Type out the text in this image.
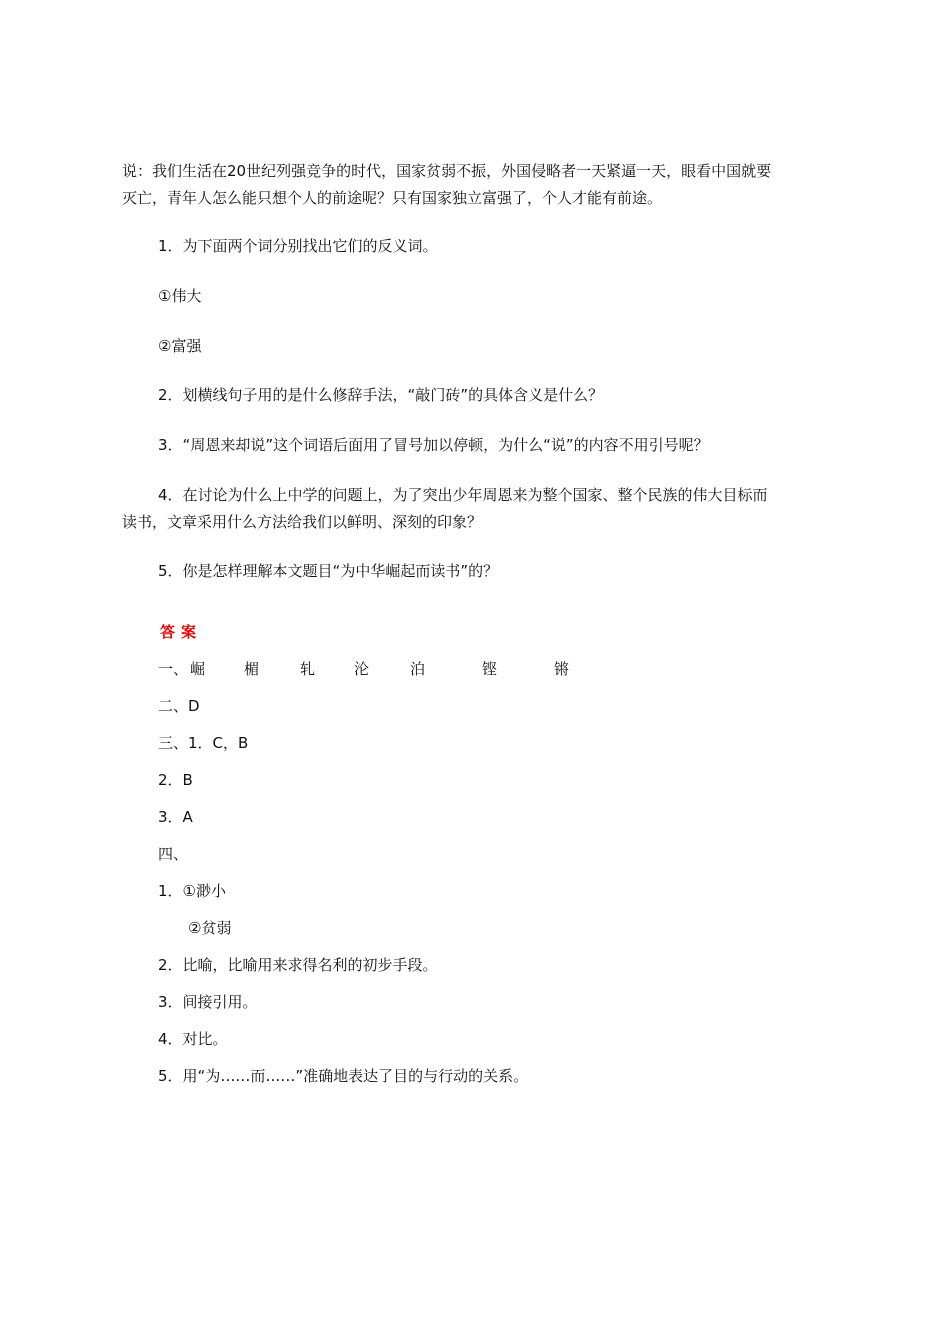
说：我们生活在20世纪列强竞争的时代，国家贫弱不振，外国侵略者一天紧逼一天，眼看中国就要
灭亡，青年人怎么能只想个人的前途呢？只有国家独立富强了，个人才能有前途。
1．为下面两个词分别找出它们的反义词。
①伟大
②富强
2．划横线句子用的是什么修辞手法，“敲门砖”的具体含义是什么？
3．“周恩来却说”这个词语后面用了冒号加以停顿，为什么“说”的内容不用引号呢？
4．在讨论为什么上中学的问题上，为了突出少年周恩来为整个国家、整个民族的伟大目标而
读书，文章采用什么方法给我们以鲜明、深刻的印象？
5．你是怎样理解本文题目“为中华崛起而读书”的？
答案
一、 崛	楣	轧	沦	泊	铿	锵
二、D
三、1．C，B
2．B
3．A
四、
1．①渺小
②贫弱
2．比喻，比喻用来求得名利的初步手段。
3．间接引用。
4．对比。
5．用“为……而……”准确地表达了目的与行动的关系。
